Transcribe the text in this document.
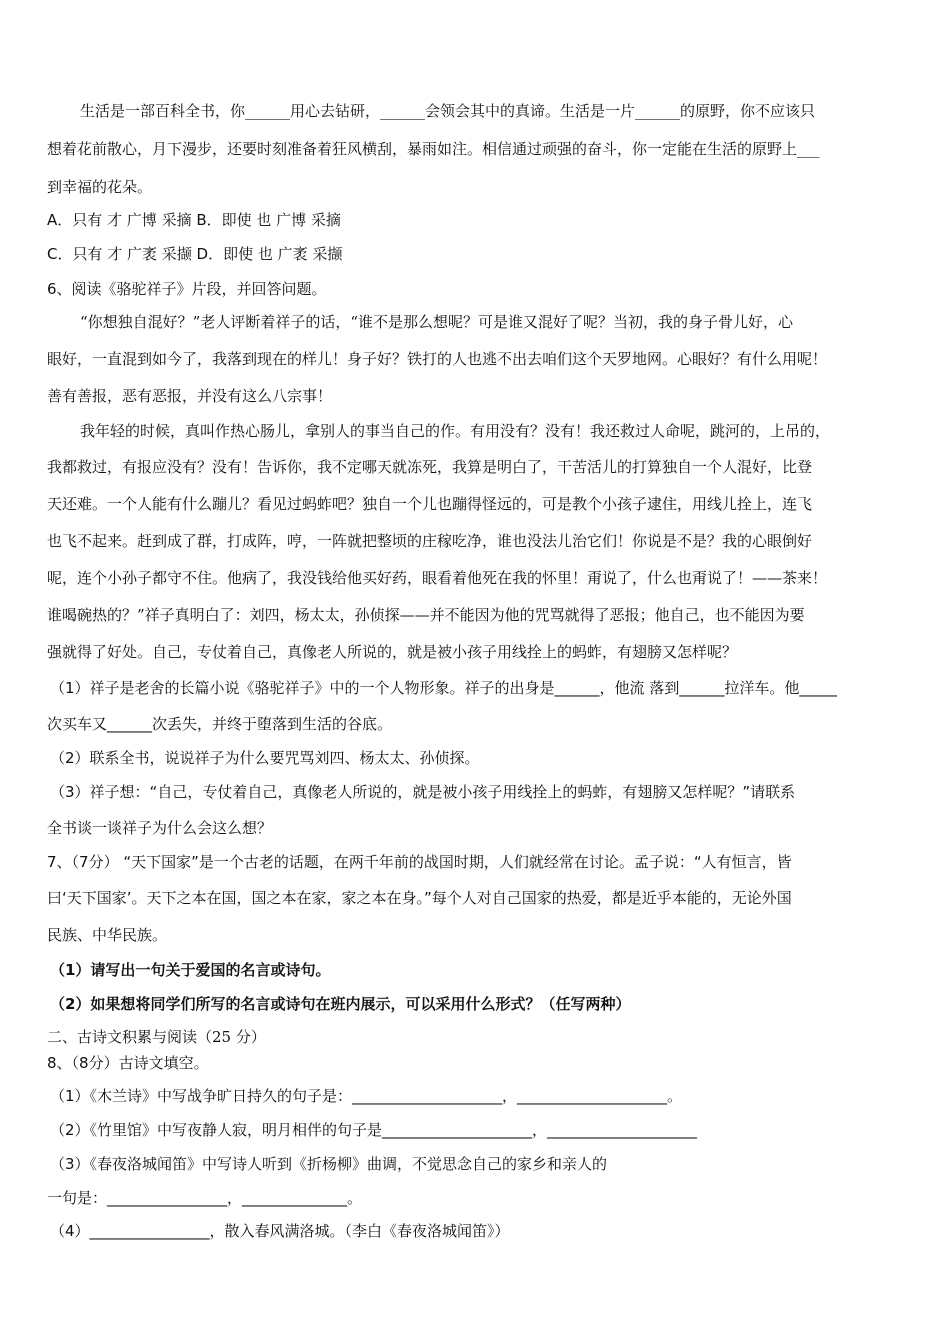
生活是一部百科全书，你______用心去钻研，______会领会其中的真谛。生活是一片______的原野，你不应该只
想着花前散心，月下漫步，还要时刻准备着狂风横刮，暴雨如注。相信通过顽强的奋斗，你一定能在生活的原野上___
到幸福的花朵。
A．只有 才 广博 采摘 B．即使 也 广博 采摘
C．只有 才 广袤 采撷 D．即使 也 广袤 采撷
6、阅读《骆驼祥子》片段，并回答问题。
“你想独自混好？”老人评断着祥子的话，“谁不是那么想呢？可是谁又混好了呢？当初，我的身子骨儿好，心
眼好，一直混到如今了，我落到现在的样儿！身子好？铁打的人也逃不出去咱们这个天罗地网。心眼好？有什么用呢！
善有善报，恶有恶报，并没有这么八宗事！
我年轻的时候，真叫作热心肠儿，拿别人的事当自己的作。有用没有？没有！我还救过人命呢，跳河的，上吊的，
我都救过，有报应没有？没有！告诉你，我不定哪天就冻死，我算是明白了，干苦活儿的打算独自一个人混好，比登
天还难。一个人能有什么蹦儿？看见过蚂蚱吧？独自一个儿也蹦得怪远的，可是教个小孩子逮住，用线儿拴上，连飞
也飞不起来。赶到成了群，打成阵，哼，一阵就把整顷的庄稼吃净，谁也没法儿治它们！你说是不是？我的心眼倒好
呢，连个小孙子都守不住。他病了，我没钱给他买好药，眼看着他死在我的怀里！甭说了，什么也甭说了！——茶来！
谁喝碗热的？”祥子真明白了：刘四，杨太太，孙侦探——并不能因为他的咒骂就得了恶报；他自己，也不能因为要
强就得了好处。自己，专仗着自己，真像老人所说的，就是被小孩子用线拴上的蚂蚱，有翅膀又怎样呢？
（1）祥子是老舍的长篇小说《骆驼祥子》中的一个人物形象。祥子的出身是______，他流 落到______拉洋车。他_____
次买车又______次丢失，并终于堕落到生活的谷底。
（2）联系全书，说说祥子为什么要咒骂刘四、杨太太、孙侦探。
（3）祥子想：“自己，专仗着自己，真像老人所说的，就是被小孩子用线拴上的蚂蚱，有翅膀又怎样呢？”请联系
全书谈一谈祥子为什么会这么想？
7、（7分） “天下国家”是一个古老的话题，在两千年前的战国时期，人们就经常在讨论。孟子说：“人有恒言，皆
曰‘天下国家’。天下之本在国，国之本在家，家之本在身。”每个人对自己国家的热爱，都是近乎本能的，无论外国
民族、中华民族。
（1）请写出一句关于爱国的名言或诗句。
（2）如果想将同学们所写的名言或诗句在班内展示，可以采用什么形式？（任写两种）
二、古诗文积累与阅读（25 分）
8、（8分）古诗文填空。
（1）《木兰诗》中写战争旷日持久的句子是：____________________，____________________。
（2）《竹里馆》中写夜静人寂，明月相伴的句子是____________________，____________________
（3）《春夜洛城闻笛》中写诗人听到《折杨柳》曲调，不觉思念自己的家乡和亲人的
一句是：________________，______________。
（4）________________，散入春风满洛城。（李白《春夜洛城闻笛》）
